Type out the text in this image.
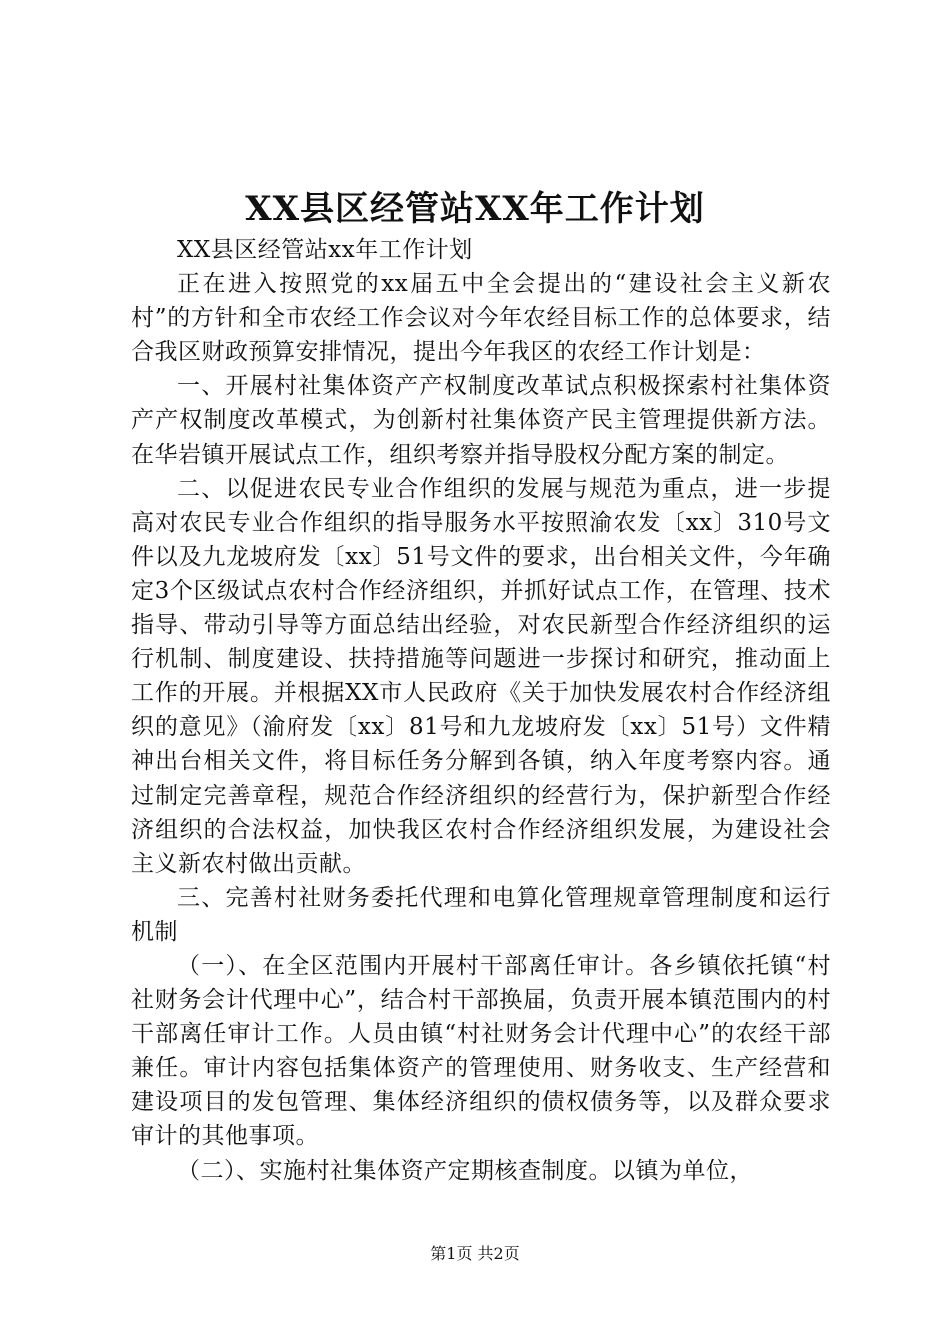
XX县区经管站XX年工作计划

XX县区经管站xx年工作计划

正在进入按照党的xx届五中全会提出的“建设社会主义新农村”的方针和全市农经工作会议对今年农经目标工作的总体要求，结合我区财政预算安排情况，提出今年我区的农经工作计划是：

一、开展村社集体资产产权制度改革试点积极探索村社集体资产产权制度改革模式，为创新村社集体资产民主管理提供新方法。在华岩镇开展试点工作，组织考察并指导股权分配方案的制定。

二、以促进农民专业合作组织的发展与规范为重点，进一步提高对农民专业合作组织的指导服务水平按照渝农发〔xx〕310号文件以及九龙坡府发〔xx〕51号文件的要求，出台相关文件，今年确定3个区级试点农村合作经济组织，并抓好试点工作，在管理、技术指导、带动引导等方面总结出经验，对农民新型合作经济组织的运行机制、制度建设、扶持措施等问题进一步探讨和研究，推动面上工作的开展。并根据XX市人民政府《关于加快发展农村合作经济组织的意见》（渝府发〔xx〕81号和九龙坡府发〔xx〕51号）文件精神出台相关文件，将目标任务分解到各镇，纳入年度考察内容。通过制定完善章程，规范合作经济组织的经营行为，保护新型合作经济组织的合法权益，加快我区农村合作经济组织发展，为建设社会主义新农村做出贡献。

三、完善村社财务委托代理和电算化管理规章管理制度和运行机制

（一）、在全区范围内开展村干部离任审计。各乡镇依托镇“村社财务会计代理中心”，结合村干部换届，负责开展本镇范围内的村干部离任审计工作。人员由镇“村社财务会计代理中心”的农经干部兼任。审计内容包括集体资产的管理使用、财务收支、生产经营和建设项目的发包管理、集体经济组织的债权债务等，以及群众要求审计的其他事项。

（二）、实施村社集体资产定期核查制度。以镇为单位，

第1页 共2页
